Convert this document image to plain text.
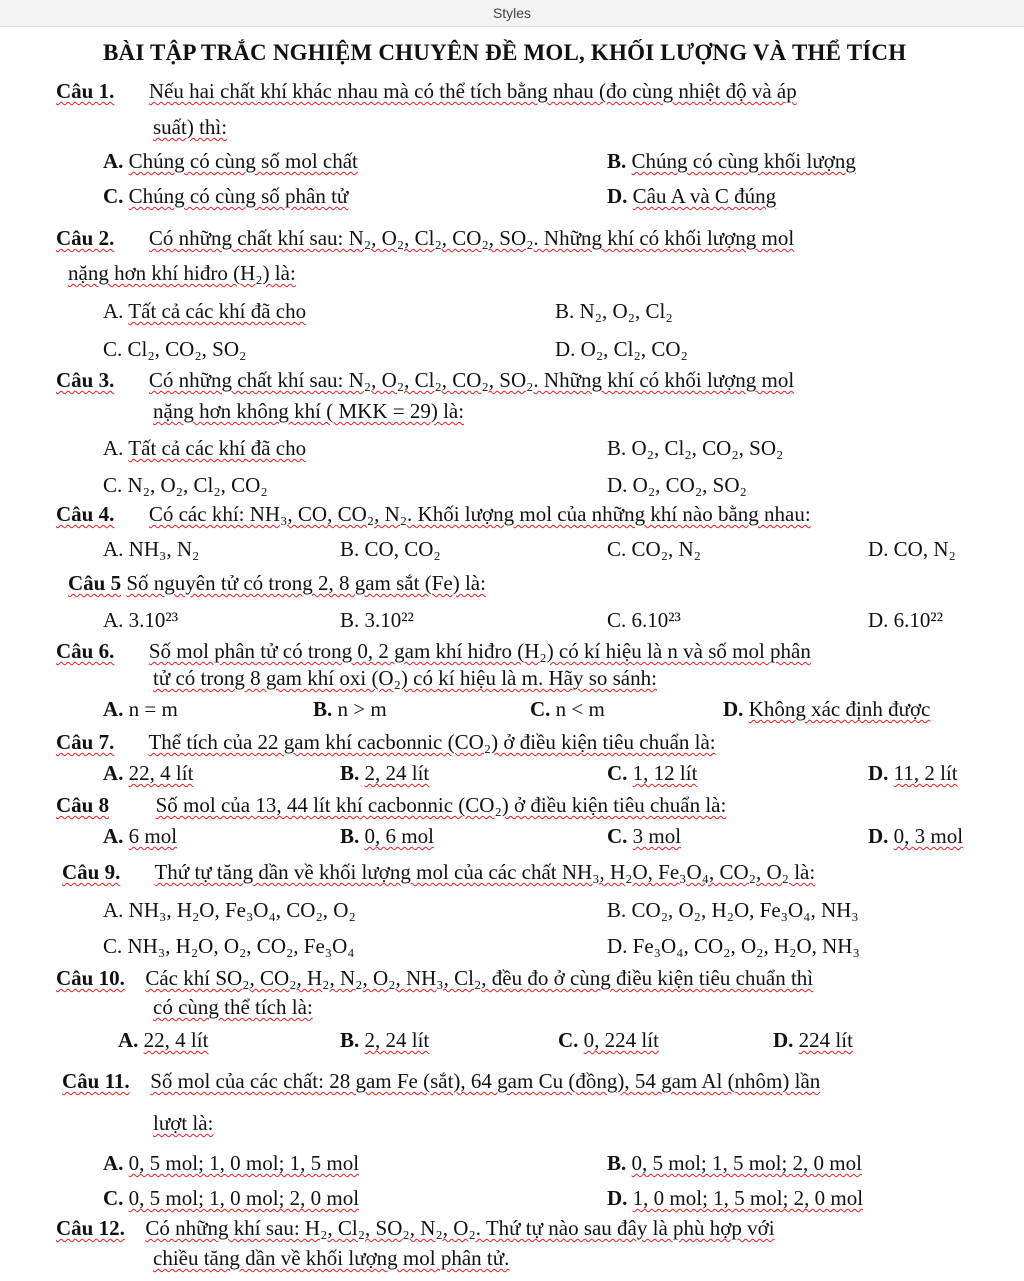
Styles
BÀI TẬP TRẮC NGHIỆM CHUYÊN ĐỀ MOL, KHỐI LƯỢNG VÀ THỂ TÍCH
Câu 1. Nếu hai chất khí khác nhau mà có thể tích bằng nhau (đo cùng nhiệt độ và áp
suất) thì:
A. Chúng có cùng số mol chất	B. Chúng có cùng khối lượng
C. Chúng có cùng số phân tử	D. Câu A và C đúng
Câu 2. Có những chất khí sau: N₂, O₂, Cl₂, CO₂, SO₂. Những khí có khối lượng mol
nặng hơn khí hiđro (H₂) là:
A. Tất cả các khí đã cho	B. N₂, O₂, Cl₂
C. Cl₂, CO₂, SO₂	D. O₂, Cl₂, CO₂
Câu 3. Có những chất khí sau: N₂, O₂, Cl₂, CO₂, SO₂. Những khí có khối lượng mol
nặng hơn không khí ( MKK = 29) là:
A. Tất cả các khí đã cho	B. O₂, Cl₂, CO₂, SO₂
C. N₂, O₂, Cl₂, CO₂	D. O₂, CO₂, SO₂
Câu 4. Có các khí: NH₃, CO, CO₂, N₂. Khối lượng mol của những khí nào bằng nhau:
A. NH₃, N₂	B. CO, CO₂	C. CO₂, N₂	D. CO, N₂
Câu 5 Số nguyên tử có trong 2, 8 gam sắt (Fe) là:
A. 3.10²³	B. 3.10²²	C. 6.10²³	D. 6.10²²
Câu 6. Số mol phân tử có trong 0, 2 gam khí hiđro (H₂) có kí hiệu là n và số mol phân
tử có trong 8 gam khí oxi (O₂) có kí hiệu là m. Hãy so sánh:
A. n = m	B. n > m	C. n < m	D. Không xác định được
Câu 7. Thể tích của 22 gam khí cacbonnic (CO₂) ở điều kiện tiêu chuẩn là:
A. 22, 4 lít	B. 2, 24 lít	C. 1, 12 lít	D. 11, 2 lít
Câu 8 Số mol của 13, 44 lít khí cacbonnic (CO₂) ở điều kiện tiêu chuẩn là:
A. 6 mol	B. 0, 6 mol	C. 3 mol	D. 0, 3 mol
Câu 9. Thứ tự tăng dần về khối lượng mol của các chất NH₃, H₂O, Fe₃O₄, CO₂, O₂ là:
A. NH₃, H₂O, Fe₃O₄, CO₂, O₂	B. CO₂, O₂, H₂O, Fe₃O₄, NH₃
C. NH₃, H₂O, O₂, CO₂, Fe₃O₄	D. Fe₃O₄, CO₂, O₂, H₂O, NH₃
Câu 10. Các khí SO₂, CO₂, H₂, N₂, O₂, NH₃, Cl₂, đều đo ở cùng điều kiện tiêu chuẩn thì
có cùng thể tích là:
A. 22, 4 lít	B. 2, 24 lít	C. 0, 224 lít	D. 224 lít
Câu 11. Số mol của các chất: 28 gam Fe (sắt), 64 gam Cu (đồng), 54 gam Al (nhôm) lần
lượt là:
A. 0, 5 mol; 1, 0 mol; 1, 5 mol	B. 0, 5 mol; 1, 5 mol; 2, 0 mol
C. 0, 5 mol; 1, 0 mol; 2, 0 mol	D. 1, 0 mol; 1, 5 mol; 2, 0 mol
Câu 12. Có những khí sau: H₂, Cl₂, SO₂, N₂, O₂. Thứ tự nào sau đây là phù hợp với
chiều tăng dần về khối lượng mol phân tử.
